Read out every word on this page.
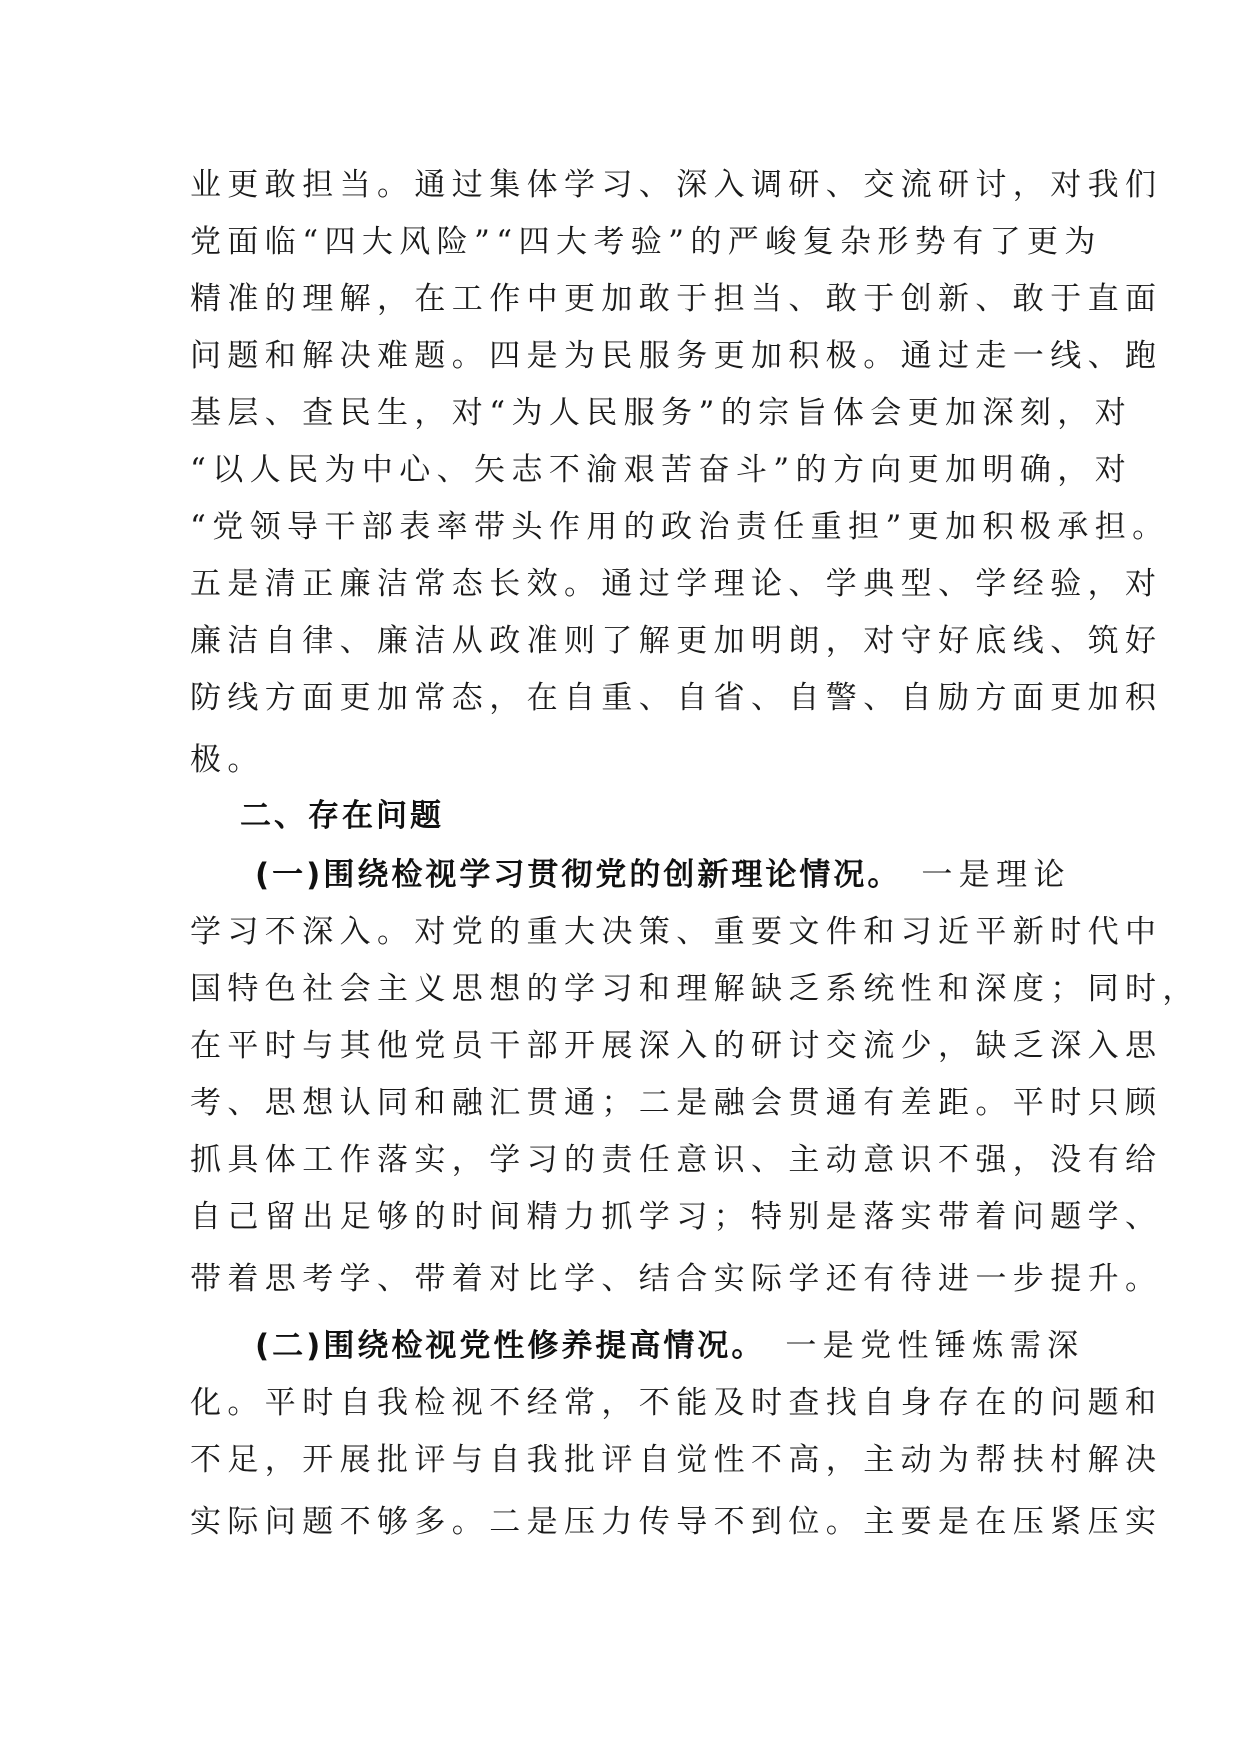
业更敢担当。通过集体学习、深入调研、交流研讨，对我们
党面临“四大风险”“四大考验”的严峻复杂形势有了更为
精准的理解，在工作中更加敢于担当、敢于创新、敢于直面
问题和解决难题。四是为民服务更加积极。通过走一线、跑
基层、查民生，对“为人民服务”的宗旨体会更加深刻，对
“以人民为中心、矢志不渝艰苦奋斗”的方向更加明确，对
“党领导干部表率带头作用的政治责任重担”更加积极承担。
五是清正廉洁常态长效。通过学理论、学典型、学经验，对
廉洁自律、廉洁从政准则了解更加明朗，对守好底线、筑好
防线方面更加常态，在自重、自省、自警、自励方面更加积
极。
二、存在问题
(一)围绕检视学习贯彻党的创新理论情况。 一是理论
学习不深入。对党的重大决策、重要文件和习近平新时代中
国特色社会主义思想的学习和理解缺乏系统性和深度；同时，
在平时与其他党员干部开展深入的研讨交流少，缺乏深入思
考、思想认同和融汇贯通；二是融会贯通有差距。平时只顾
抓具体工作落实，学习的责任意识、主动意识不强，没有给
自己留出足够的时间精力抓学习；特别是落实带着问题学、
带着思考学、带着对比学、结合实际学还有待进一步提升。
(二)围绕检视党性修养提高情况。 一是党性锤炼需深
化。平时自我检视不经常，不能及时查找自身存在的问题和
不足，开展批评与自我批评自觉性不高，主动为帮扶村解决
实际问题不够多。二是压力传导不到位。主要是在压紧压实
